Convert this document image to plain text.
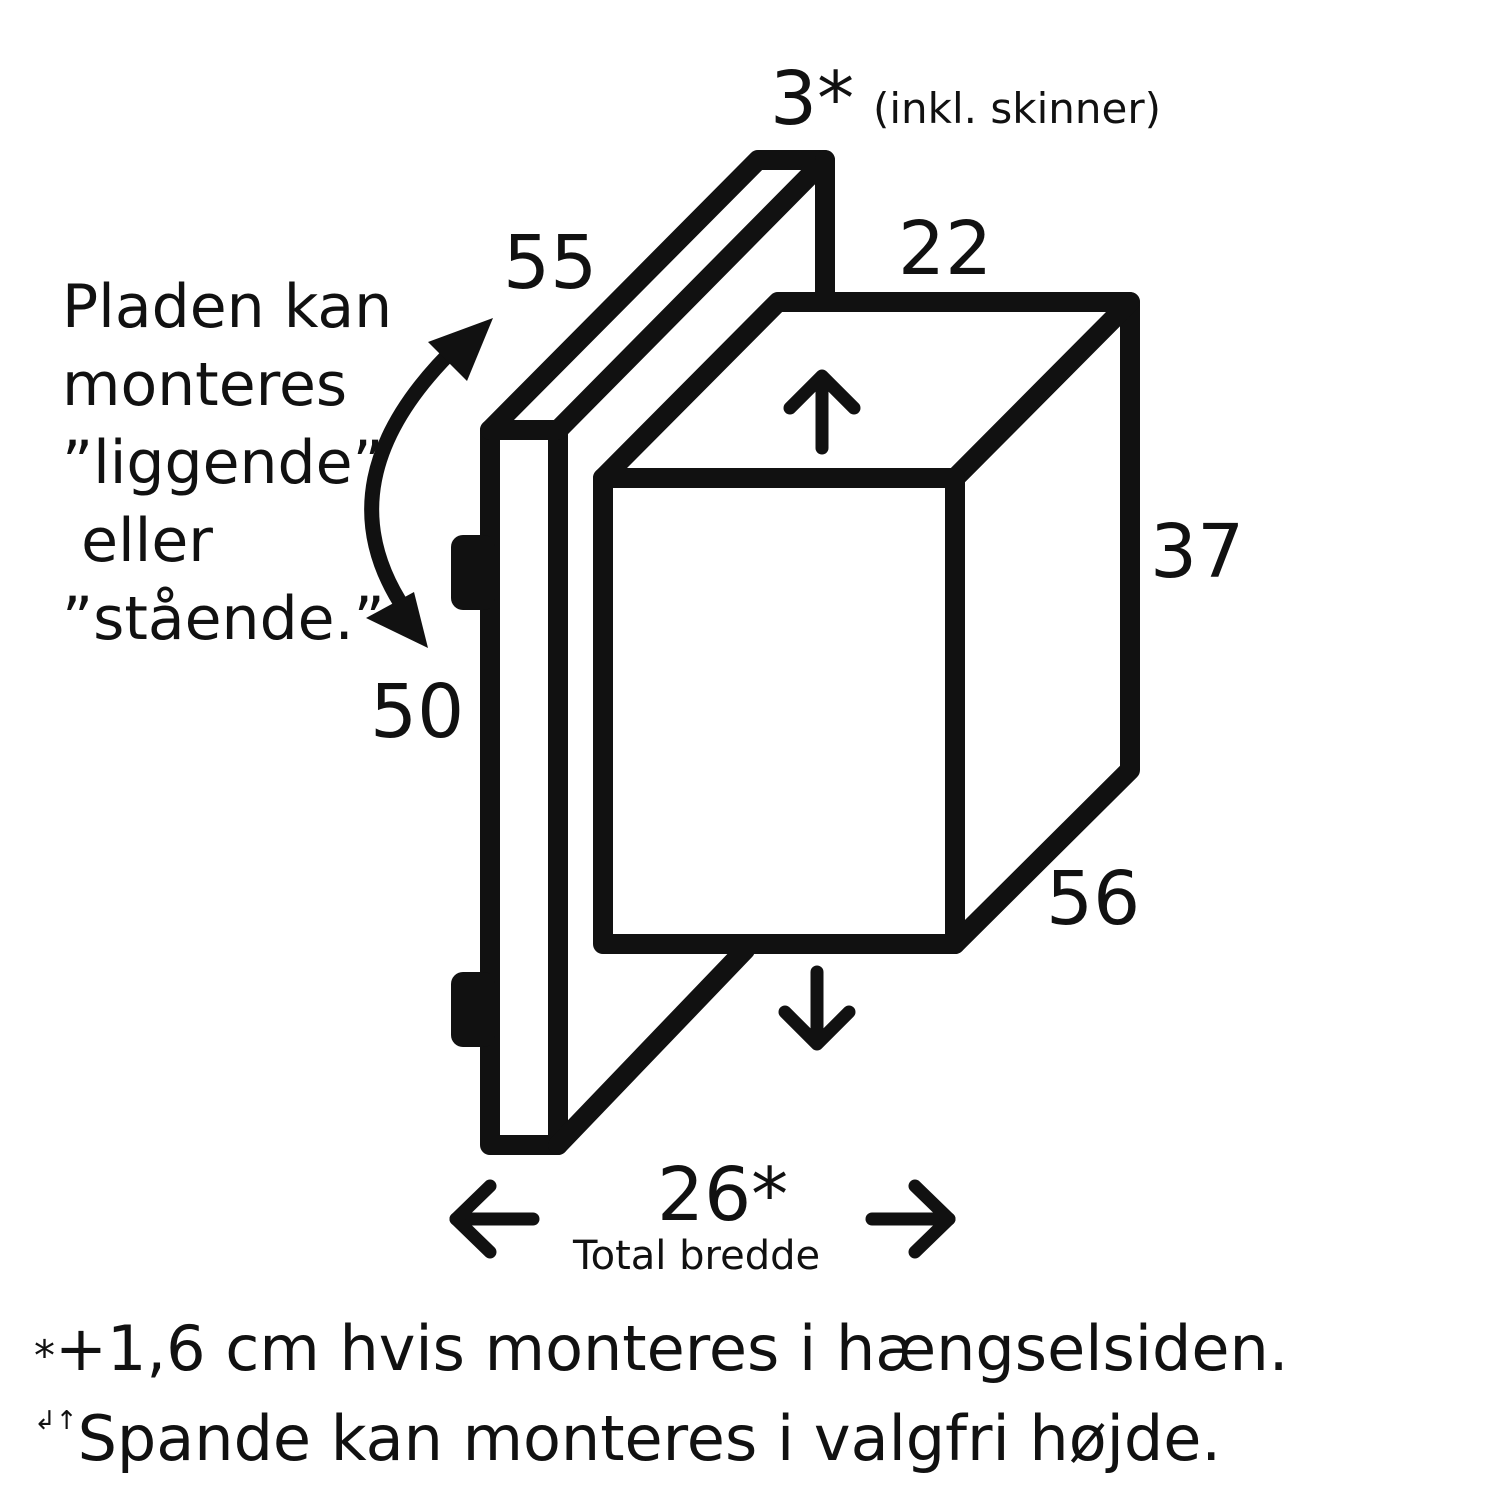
3* (inkl. skinner)
55	22
37
50
56
26*
Total bredde
Pladen kan
monteres
”liggende”
eller
”stående.”
*+1,6 cm hvis monteres i hængselsiden.
↲↑Spande kan monteres i valgfri højde.
